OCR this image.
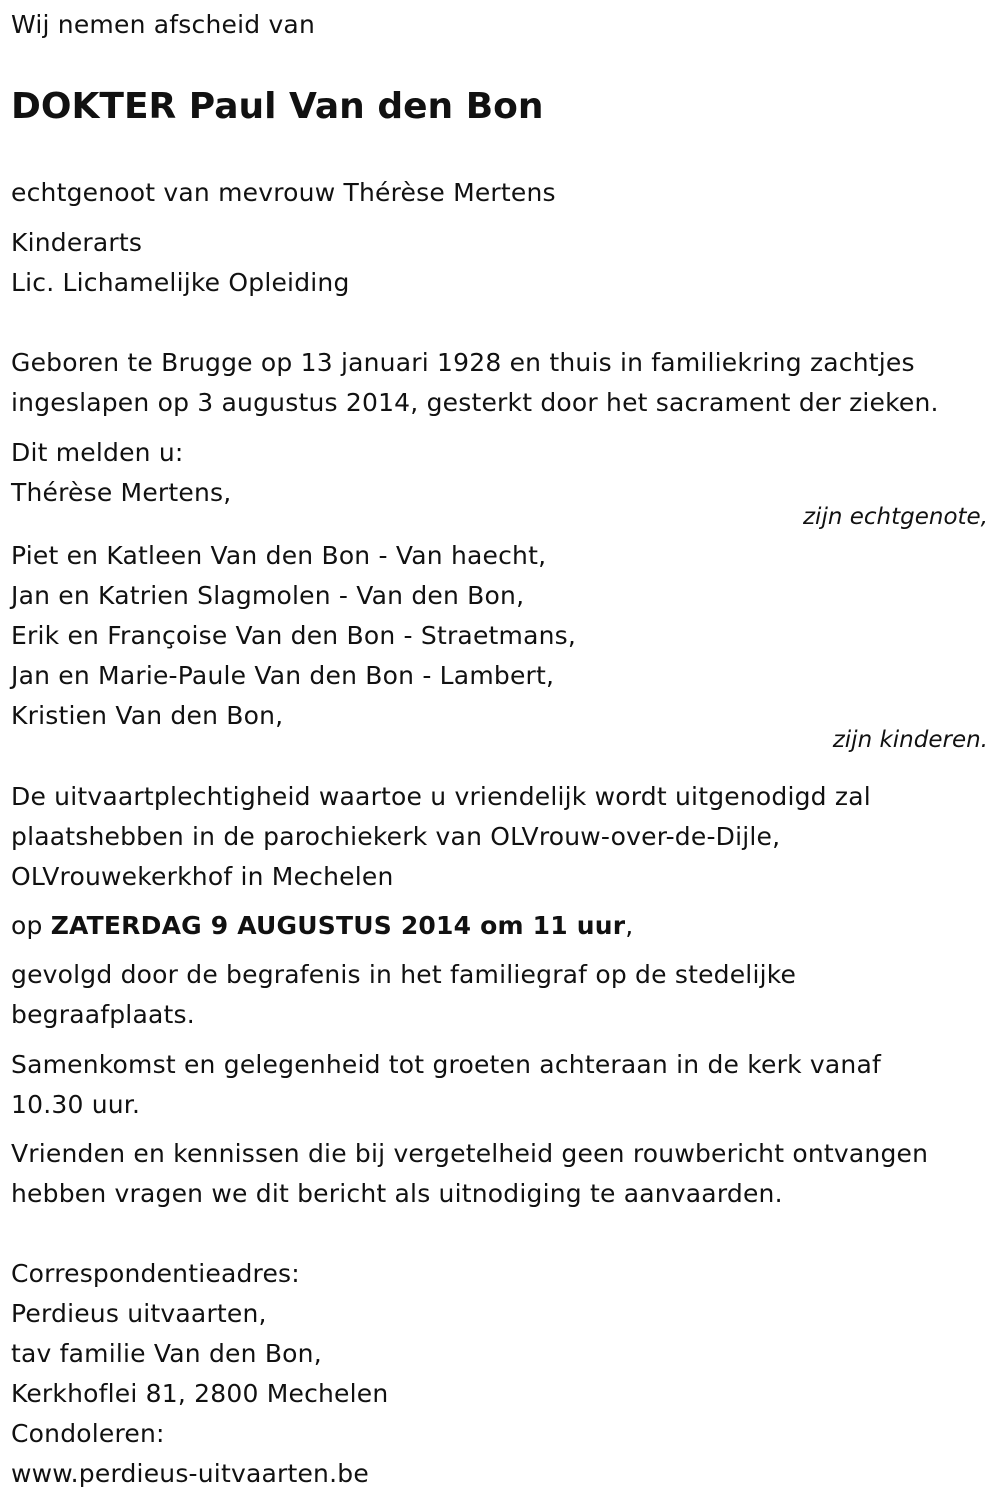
Wij nemen afscheid van
DOKTER Paul Van den Bon
echtgenoot van mevrouw Thérèse Mertens
Kinderarts
Lic. Lichamelijke Opleiding
Geboren te Brugge op 13 januari 1928 en thuis in familiekring zachtjes
ingeslapen op 3 augustus 2014, gesterkt door het sacrament der zieken.
Dit melden u:
Thérèse Mertens,
zijn echtgenote,
Piet en Katleen Van den Bon - Van haecht,
Jan en Katrien Slagmolen - Van den Bon,
Erik en Françoise Van den Bon - Straetmans,
Jan en Marie-Paule Van den Bon - Lambert,
Kristien Van den Bon,
zijn kinderen.
De uitvaartplechtigheid waartoe u vriendelijk wordt uitgenodigd zal
plaatshebben in de parochiekerk van OLVrouw-over-de-Dijle,
OLVrouwekerkhof in Mechelen
op ZATERDAG 9 AUGUSTUS 2014 om 11 uur,
gevolgd door de begrafenis in het familiegraf op de stedelijke
begraafplaats.
Samenkomst en gelegenheid tot groeten achteraan in de kerk vanaf
10.30 uur.
Vrienden en kennissen die bij vergetelheid geen rouwbericht ontvangen
hebben vragen we dit bericht als uitnodiging te aanvaarden.
Correspondentieadres:
Perdieus uitvaarten,
tav familie Van den Bon,
Kerkhoflei 81, 2800 Mechelen
Condoleren:
www.perdieus-uitvaarten.be
